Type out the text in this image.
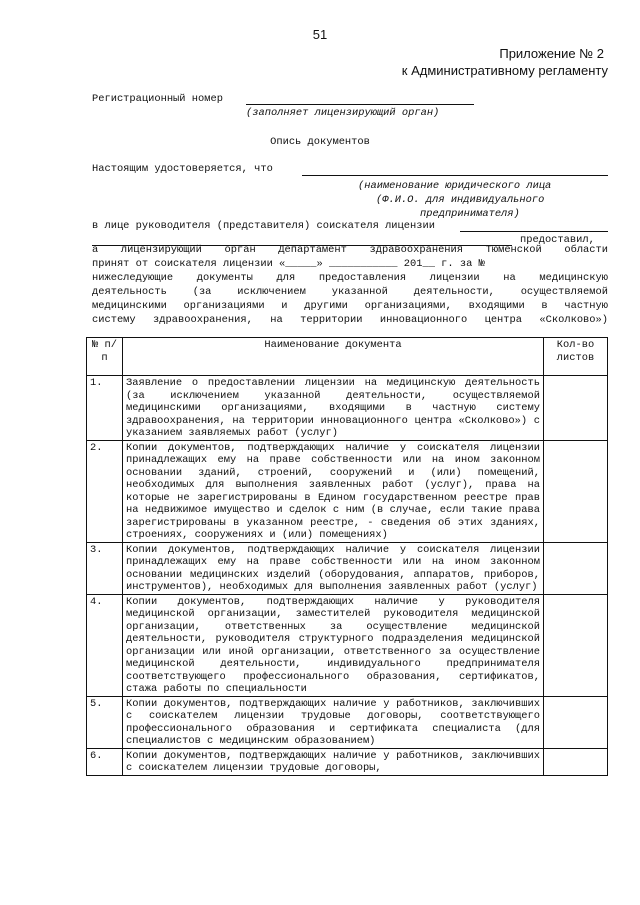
51
Приложение № 2
к Административному регламенту
Регистрационный номер
(заполняет лицензирующий орган)
Опись документов
Настоящим удостоверяется, что
(наименование юридического лица
(Ф.И.О. для индивидуального
предпринимателя)
в лице руководителя (представителя) соискателя лицензии
предоставил,
а лицензирующий орган Департамент здравоохранения Тюменской области
принят от соискателя лицензии «_____» ___________ 201__ г. за №
нижеследующие документы для предоставления лицензии на медицинскую
деятельность (за исключением указанной деятельности, осуществляемой
медицинскими организациями и другими организациями, входящими в частную
систему здравоохранения, на территории инновационного центра «Сколково»)
№ п/ п	Наименование документа	Кол-во листов
1.	Заявление о предоставлении лицензии на медицинскую деятельность (за исключением указанной деятельности, осуществляемой медицинскими организациями, входящими в частную систему здравоохранения, на территории инновационного центра «Сколково») с указанием заявляемых работ (услуг)	
2.	Копии документов, подтверждающих наличие у соискателя лицензии принадлежащих ему на праве собственности или на ином законном основании зданий, строений, сооружений и (или) помещений, необходимых для выполнения заявленных работ (услуг), права на которые не зарегистрированы в Едином государственном реестре прав на недвижимое имущество и сделок с ним (в случае, если такие права зарегистрированы в указанном реестре, - сведения об этих зданиях, строениях, сооружениях и (или) помещениях)	
3.	Копии документов, подтверждающих наличие у соискателя лицензии принадлежащих ему на праве собственности или на ином законном основании медицинских изделий (оборудования, аппаратов, приборов, инструментов), необходимых для выполнения заявленных работ (услуг)	
4.	Копии документов, подтверждающих наличие у руководителя медицинской организации, заместителей руководителя медицинской организации, ответственных за осуществление медицинской деятельности, руководителя структурного подразделения медицинской организации или иной организации, ответственного за осуществление медицинской деятельности, индивидуального предпринимателя соответствующего профессионального образования, сертификатов, стажа работы по специальности	
5.	Копии документов, подтверждающих наличие у работников, заключивших с соискателем лицензии трудовые договоры, соответствующего профессионального образования и сертификата специалиста (для специалистов с медицинским образованием)	
6.	Копии документов, подтверждающих наличие у работников, заключивших с соискателем лицензии трудовые договоры,	
